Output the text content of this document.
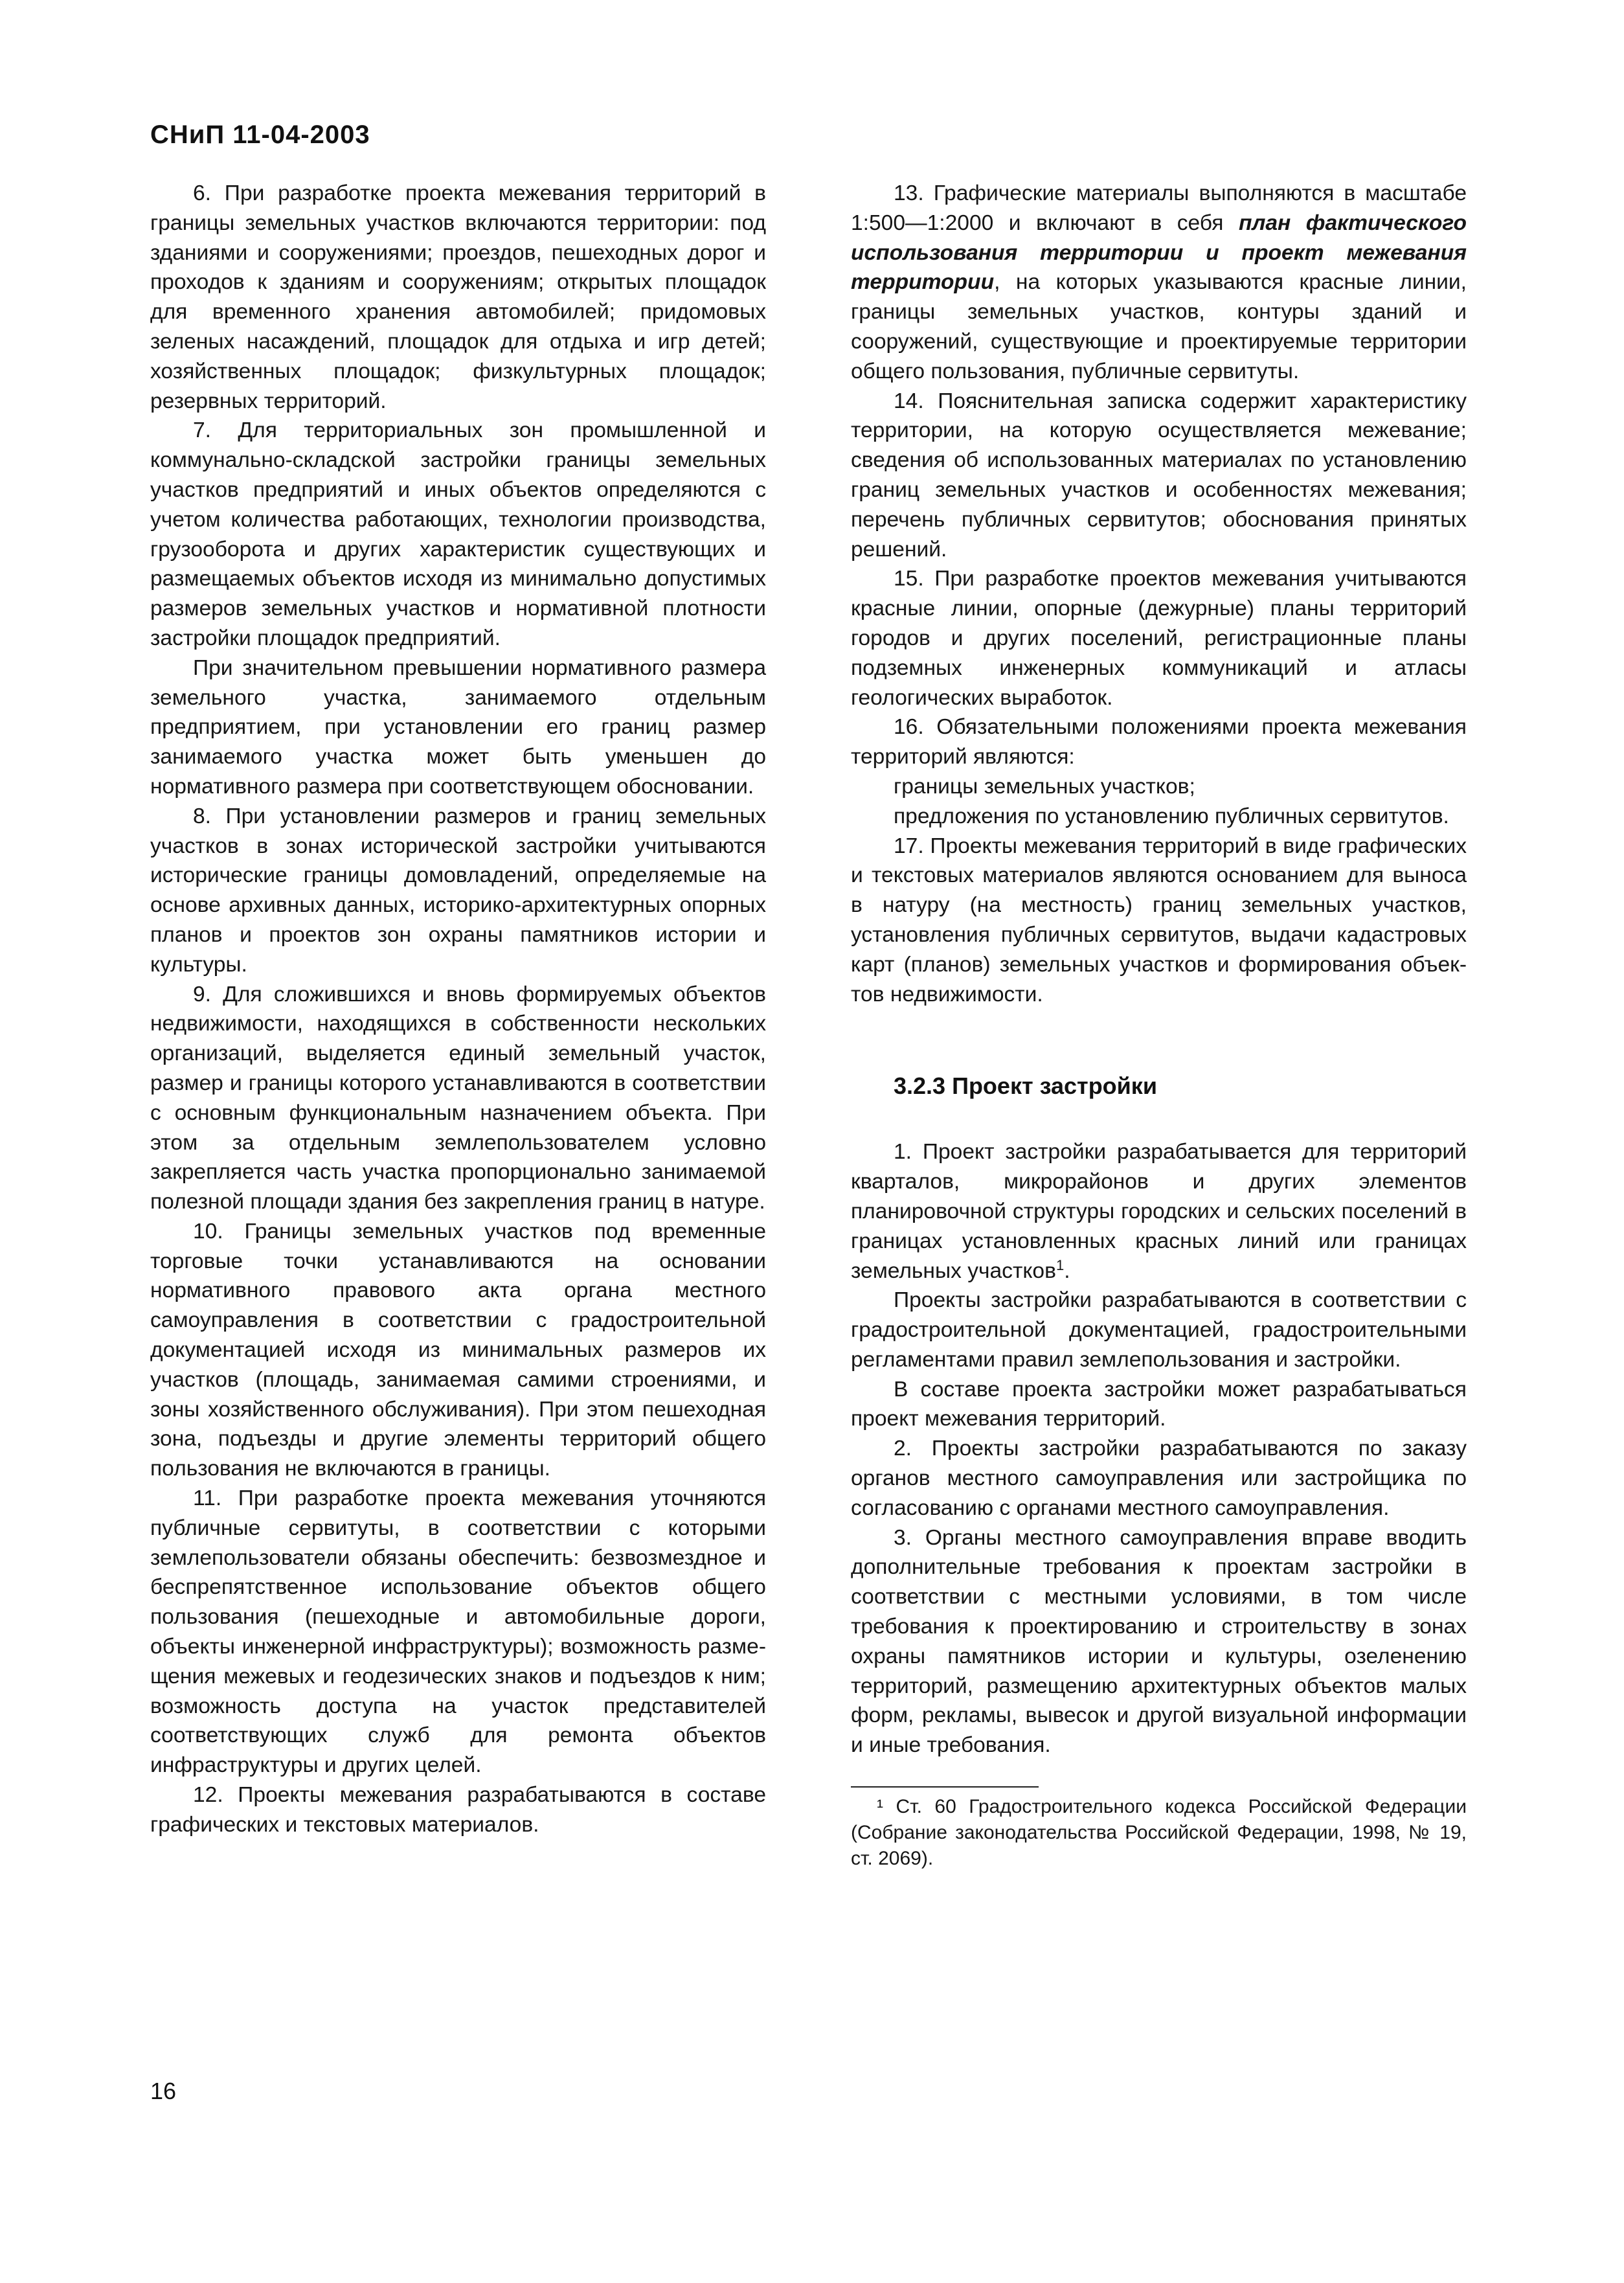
СНиП 11-04-2003

6. При разработке проекта межевания территорий в границы земельных участков включаются территории: под зданиями и сооружениями; проездов, пешеходных дорог и проходов к зданиям и сооружениям; открытых площадок для временного хранения автомобилей; придомовых зеленых насаждений, площадок для отдыха и игр детей; хозяйственных площадок; физкультурных площадок; резервных территорий.

7. Для территориальных зон промышленной и коммунально-складской застройки границы земельных участков предприятий и иных объектов определяются с учетом количества работающих, технологии производства, грузооборота и других характеристик существующих и размещаемых объектов исходя из минимально допустимых размеров земельных участков и нормативной плотности застройки площадок предприятий.

При значительном превышении нормативного размера земельного участка, занимаемого отдельным предприятием, при установлении его границ размер занимаемого участка может быть уменьшен до нормативного размера при соответствующем обосновании.

8. При установлении размеров и границ земельных участков в зонах исторической застройки учитываются исторические границы домовладений, определяемые на основе архивных данных, историко-архитектурных опорных планов и проектов зон охраны памятников истории и культуры.

9. Для сложившихся и вновь формируемых объектов недвижимости, находящихся в собственности нескольких организаций, выделяется единый земельный участок, размер и границы которого устанавливаются в соответствии с основным функциональным назначением объекта. При этом за отдельным землепользователем условно закрепляется часть участка пропорционально занимаемой полезной площади здания без закрепления границ в натуре.

10. Границы земельных участков под временные торговые точки устанавливаются на основании нормативного правового акта органа местного самоуправления в соответствии с градостроительной документацией исходя из минимальных размеров их участков (площадь, занимаемая самими строениями, и зоны хозяйственного обслуживания). При этом пешеходная зона, подъезды и другие элементы территорий общего пользования не включаются в границы.

11. При разработке проекта межевания уточняются публичные сервитуты, в соответствии с которыми землепользователи обязаны обеспечить: безвозмездное и беспрепятственное использование объектов общего пользования (пешеходные и автомобильные дороги, объекты инженерной инфраструктуры); возможность размещения межевых и геодезических знаков и подъездов к ним; возможность доступа на участок представителей соответствующих служб для ремонта объектов инфраструктуры и других целей.

12. Проекты межевания разрабатываются в составе графических и текстовых материалов.

13. Графические материалы выполняются в масштабе 1:500—1:2000 и включают в себя план фактического использования территории и проект межевания территории, на которых указываются красные линии, границы земельных участков, контуры зданий и сооружений, существующие и проектируемые территории общего пользования, публичные сервитуты.

14. Пояснительная записка содержит характеристику территории, на которую осуществляется межевание; сведения об использованных материалах по установлению границ земельных участков и особенностях межевания; перечень публичных сервитутов; обоснования принятых решений.

15. При разработке проектов межевания учитываются красные линии, опорные (дежурные) планы территорий городов и других поселений, регистрационные планы подземных инженерных коммуникаций и атласы геологических выработок.

16. Обязательными положениями проекта межевания территорий являются:

границы земельных участков;

предложения по установлению публичных сервитутов.

17. Проекты межевания территорий в виде графических и текстовых материалов являются основанием для выноса в натуру (на местность) границ земельных участков, установления публичных сервитутов, выдачи кадастровых карт (планов) земельных участков и формирования объектов недвижимости.

3.2.3 Проект застройки

1. Проект застройки разрабатывается для территорий кварталов, микрорайонов и других элементов планировочной структуры городских и сельских поселений в границах установленных красных линий или границах земельных участков$^1$.

Проекты застройки разрабатываются в соответствии с градостроительной документацией, градостроительными регламентами правил землепользования и застройки.

В составе проекта застройки может разрабатываться проект межевания территорий.

2. Проекты застройки разрабатываются по заказу органов местного самоуправления или застройщика по согласованию с органами местного самоуправления.

3. Органы местного самоуправления вправе вводить дополнительные требования к проектам застройки в соответствии с местными условиями, в том числе требования к проектированию и строительству в зонах охраны памятников истории и культуры, озеленению территорий, размещению архитектурных объектов малых форм, рекламы, вывесок и другой визуальной информации и иные требования.

¹ Ст. 60 Градостроительного кодекса Российской Федерации (Собрание законодательства Российской Федерации, 1998, № 19, ст. 2069).

16
